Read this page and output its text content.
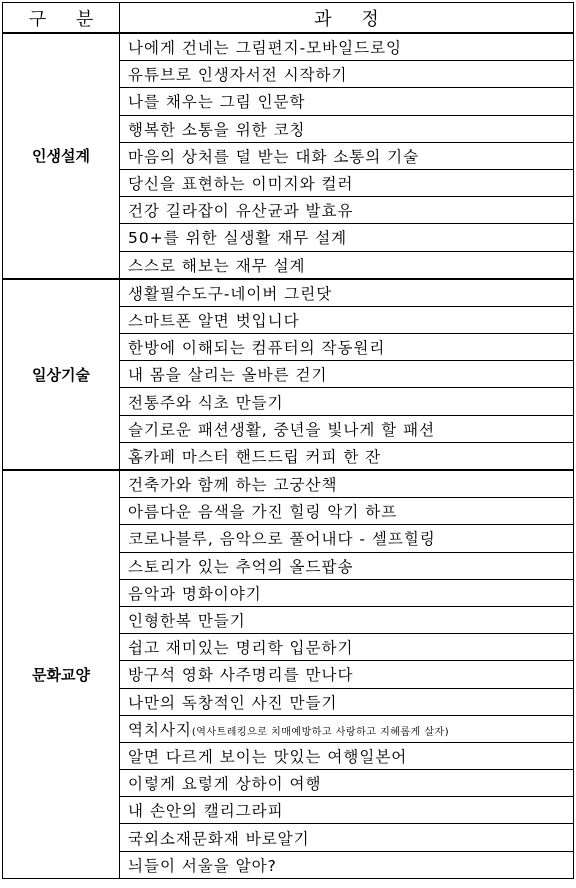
구 분	과 정
인생설계	나에게 건네는 그림편지-모바일드로잉
	유튜브로 인생자서전 시작하기
	나를 채우는 그림 인문학
	행복한 소통을 위한 코칭
	마음의 상처를 덜 받는 대화 소통의 기술
	당신을 표현하는 이미지와 컬러
	건강 길라잡이 유산균과 발효유
	50+를 위한 실생활 재무 설계
	스스로 해보는 재무 설계
일상기술	생활필수도구-네이버 그린닷
	스마트폰 알면 벗입니다
	한방에 이해되는 컴퓨터의 작동원리
	내 몸을 살리는 올바른 걷기
	전통주와 식초 만들기
	슬기로운 패션생활, 중년을 빛나게 할 패션
	홈카페 마스터 핸드드립 커피 한 잔
문화교양	건축가와 함께 하는 고궁산책
	아름다운 음색을 가진 힐링 악기 하프
	코로나블루, 음악으로 풀어내다 - 셀프힐링
	스토리가 있는 추억의 올드팝송
	음악과 명화이야기
	인형한복 만들기
	쉽고 재미있는 명리학 입문하기
	방구석 영화 사주명리를 만나다
	나만의 독창적인 사진 만들기
	역치사지(역사트레킹으로 치매예방하고 사랑하고 지혜롭게 살자)
	알면 다르게 보이는 맛있는 여행일본어
	이렇게 요렇게 상하이 여행
	내 손안의 캘리그라피
	국외소재문화재 바로알기
	늬들이 서울을 알아?
